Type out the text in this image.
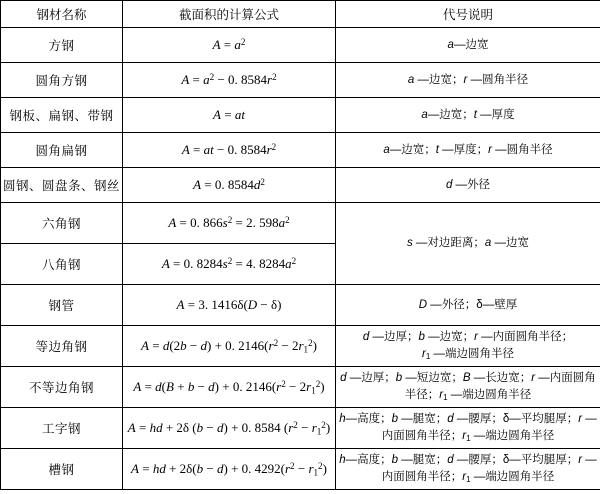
钢材名称	截面积的计算公式	代号说明
方钢	$A = a^2$	a—边宽
圆角方钢	$A = a^2 - 0$. $8584r^2$	a —边宽；r —圆角半径
钢板、扁钢、带钢	A = at	a—边宽；t —厚度
圆角扁钢	A = at − 0. $8584r^2$	a—边宽；t —厚度；r —圆角半径
圆钢、圆盘条、钢丝	A = 0. $8584d^2$	d —外径
六角钢	A = 0. $866s^2 = 2$. $598a^2$	s —对边距离；a —边宽
八角钢	A = 0. $8284s^2 = 4$. $8284a^2$
钢管	A = 3. 1416δ(D − δ)	D —外径；δ—壁厚
等边角钢	A = d(2b − d) + 0. $2146(r^2 - 2r_1^2)$	d —边厚；b —边宽；r —内面圆角半径；
$r_1$ —端边圆角半径
不等边角钢	A = d(B + b − d) + 0. $2146(r^2 - 2r_1^2)$	d —边厚；b —短边宽；B —长边宽；r —内面圆角半径；$r_1$ —端边圆角半径
工字钢	A = hd + 2δ (b − d) + 0. 8584 $(r^2 - r_1^2)$	h—高度；b —腿宽；d —腰厚；δ—平均腿厚；r —内面圆角半径；$r_1$ —端边圆角半径
槽钢	A = hd + 2δ(b − d) + 0. $4292(r^2 - r_1^2)$	h—高度；b —腿宽；d —腰厚；δ—平均腿厚；r —内面圆角半径；$r_1$ —端边圆角半径
